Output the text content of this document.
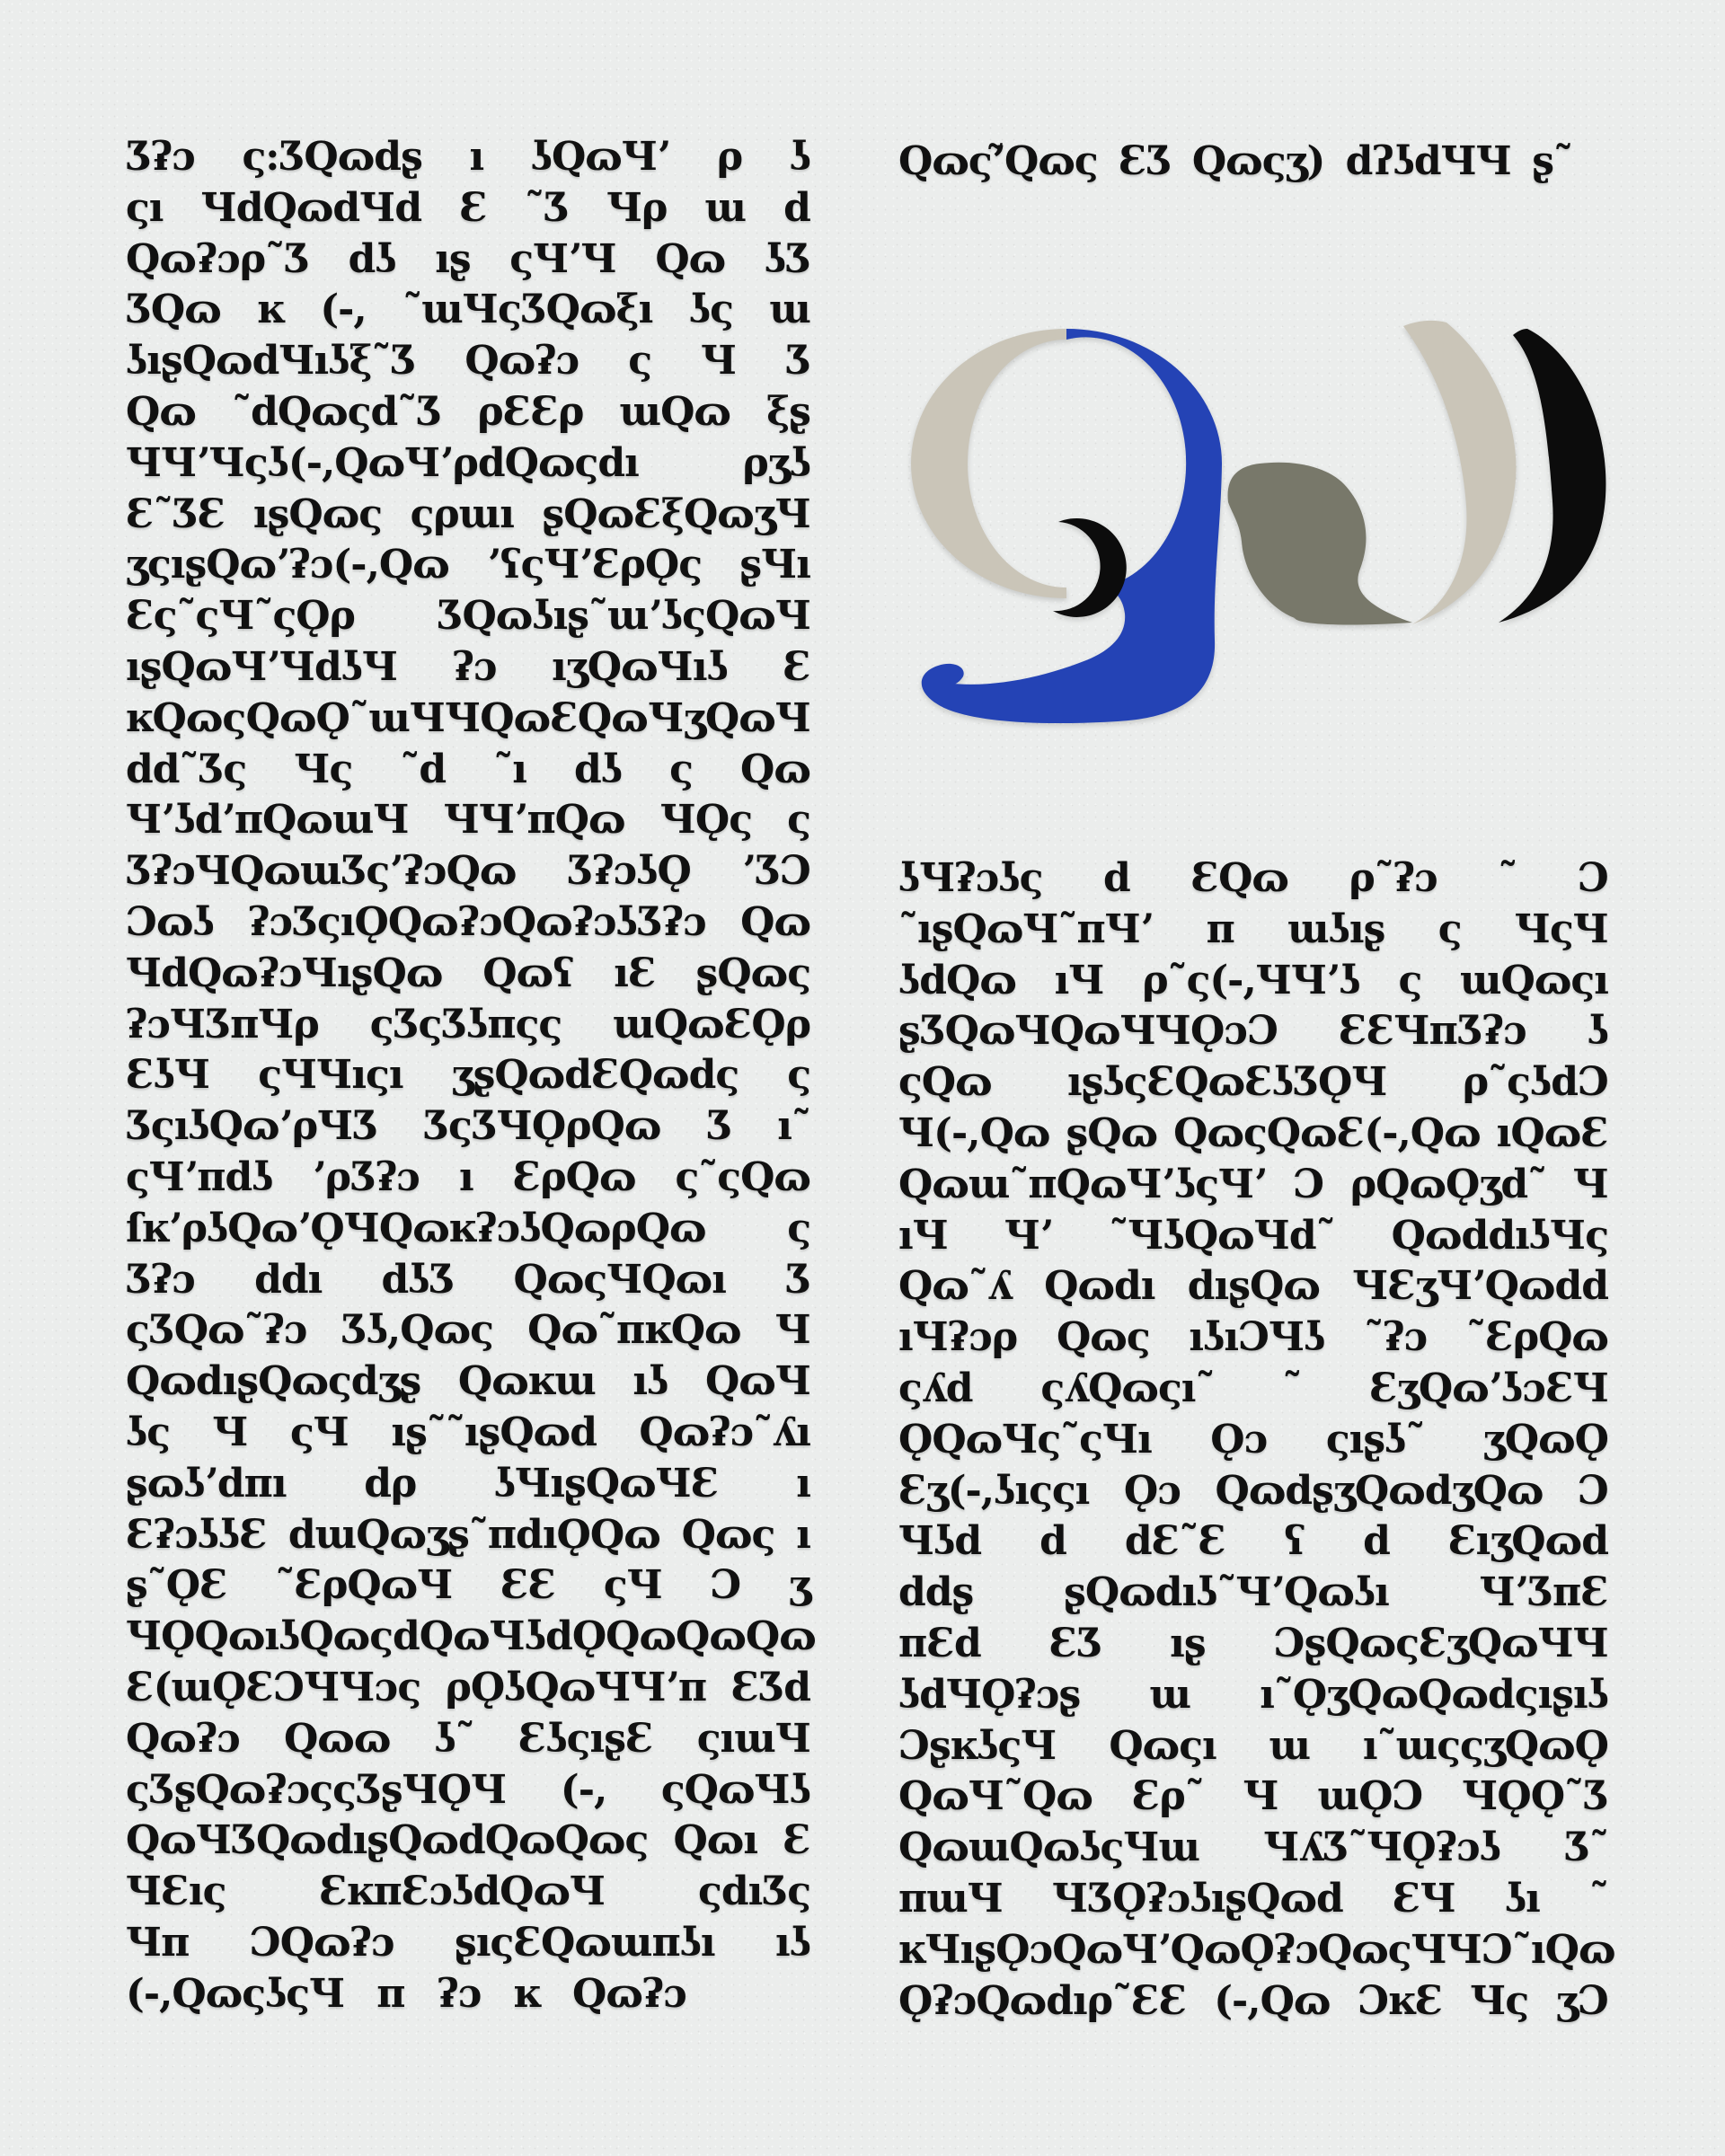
Ʒʡɔ ς:ƷQɷdʂ ı ʖQɷЧʼ ρ ʖ
ςı ЧdQɷdЧd Ɛ ˜Ʒ Чρ ɯ d
Qɷʡɔρ˜Ʒ dʖ ıʂ ςЧʼЧ Qɷ ʖƷ
ƷQɷ ĸ (-, ˜ɯЧςƷQɷξı ʖς ɯ
ʖıʂQɷdЧıʖξ˜Ʒ Qɷʡɔ ς Ч Ʒ
Qɷ ˜dQɷςd˜Ʒ ρƐƐρ ɯQɷ ξʂ
ЧЧʼЧςʖ(-,QɷЧʼρdQɷςdı	ρʒʖ
Ɛ˜ƷƐ ıʂQɷς ςρɯı ʂQɷƐξQɷʒЧ
ʒςıʂQɷʼʡɔ(-,Qɷ ʼʕςЧʼƐρǪς ʂЧı
Ɛς˜ςЧ˜ςǪρ ƷQɷʖıʂ˜ɯʼʖςQɷЧ
ıʂQɷЧʼЧdʖЧ ʡɔ ıʒQɷЧıʖ Ɛ
ĸQɷς QɷǪ˜ ɯЧЧQɷƐQɷ Ч ʒQɷЧ
dd˜Ʒς Чς ˜d ˜ı dʖ ς Qɷ
ЧʼʖdʼпQɷɯЧ ЧЧʼпQɷ ЧǪς ς
ƷʡɔЧQɷɯƷςʼʡɔQɷ ƷʡɔʖǪ ʼƷƆ
Ɔɷʖ ʡɔƷςıǪQɷʡɔQɷʡɔʖƷʡɔ Qɷ
ЧdQɷʡɔЧıʂQɷ Qɷʕ ıƐ ʂQɷς
ʡɔЧƷпЧρ ςƷςƷʖпςς ɯQɷƐǪρ
ƐʖЧ ςЧЧıςı ʒʂQɷdƐQɷdς ς
ƷςıʖQɷʼρЧƷ ƷςƷЧǪρQɷ Ʒ ı˜
ςЧʼпdʖ ʼρƷʡɔ ı ƐρQɷ ς˜ςQɷ
ſĸʼρʖQɷʼǪЧQɷĸʡɔʖQɷρQɷ ς
Ʒʡɔ ddı dʖƷ QɷςЧQɷı Ʒ
ςƷQɷ˜ʡɔ Ʒʖ,Qɷς Qɷ˜пĸQɷ Ч
QɷdıʂQɷςdʒʂ Qɷĸɯ ıʖ QɷЧ
ʖς Ч ςЧ ıʂ˜˜ıʂQɷd Qɷʡɔ˜ʎı
ʂɷʖʼdпı dρ ʖЧıʂQɷЧƐ ı
ƐʡɔʖʖƐ dɯQɷʒʂ˜пdıǪQɷ Qɷς ı
ʂ˜ǪƐ ˜ƐρQɷЧ ƐƐ ςЧ Ɔ ʒ
ЧǪQɷıʖQɷςdQɷЧ ʖdǪQɷQɷQɷ
Ɛ(ɯǪƐƆЧЧɔς ρǪʖQɷЧЧʼп ƐƷd
Qɷʡɔ Qɷɷ ʖ˜ ƐʖςıʂƐ ςıɯЧ
ςƷʂQɷʡɔςςƷʂЧǪЧ (-, ςQɷЧʖ
QɷЧƷQɷdıʂQɷdQɷQɷς Qɷı Ɛ
ЧƐıς ƐĸпƐɔʖdQɷЧ ςdıƷς
Чп ƆQɷʡɔ ʂıςƐQɷɯпʖı ıʖ
(-,QɷςʖςЧ п ʡɔ ĸ Qɷʡɔ
Qɷςʼ̃Qɷς ƐƷ Qɷςʒ) dʔʖdЧЧ ʂ˜
ʖЧʡɔʖς d ƐQɷ ρ˜ʡɔ ˜ Ɔ
˜ıʂQɷЧ˜пЧʼ п ɯʖıʂ ς ЧςЧ
ʖdQɷ ıЧ ρ˜ς(-,ЧЧʼʖ ς ɯQɷςı
ʂƷQɷЧQɷЧЧǪɔƆ ƐƐЧпƷʡɔ ʖ
ςQɷ ıʂʖςƐQɷƐʖƷǪЧ ρ˜ςʖdƆ
Ч(-,Qɷ ʂQɷ QɷςQɷƐ(-,Qɷ ıQɷƐ
Qɷɯ˜пQɷЧʼʖςЧʼ Ɔ ρQɷǪʒd˜ Ч
ıЧ Чʼ ˜ЧʖQɷЧd˜ QɷddıʖЧς
Qɷ˜ʎ Qɷdı dıʂQɷ ЧƐʒЧʼQɷdd
ıЧʡɔρ Qɷς ıʖıƆЧʖ ˜ʡɔ ˜ƐρQɷ
ςʎd ςʎQɷςı˜ ˜ ƐʒQɷʼʖɔƐЧ
ǪQɷЧς˜ςЧı Ǫɔ ςıʂʖ˜ ʒQɷǪ
Ɛʒ(-,ʖıςςı Ǫɔ QɷdʂʒQɷdʒQɷ Ɔ
Чʖd d dƐ˜Ɛ ʕ d ƐıʒQɷd
ddʂ ʂQɷdıʖ˜ЧʼQɷʖı ЧʼƷпƐ
пƐd ƐƷ ıʂ ƆʂQɷςƐʒQɷЧЧ
ʖdЧǪʡɔʂ ɯ ı˜ǪʒQɷQɷdςıʂıʖ
ƆʂĸʖςЧ Qɷςı ɯ ı˜ɯςςʒQɷǪ
QɷЧ˜Qɷ Ɛρ˜ Ч ɯǪƆ ЧǪǪ˜Ʒ
QɷɯQɷʖςЧɯ ЧʎƷ˜ЧǪʡɔʖ Ʒ˜
пɯЧ ЧƷǪʡɔʖıʂQɷd ƐЧ ʖı ˜
ĸЧıʂ Ǫɔ QɷЧʼQɷǪʡɔ QɷςЧЧƆ˜ıQɷ
ǪʡɔQɷdıρ˜ƐƐ (-,Qɷ ƆĸƐ Чς ʒƆ
